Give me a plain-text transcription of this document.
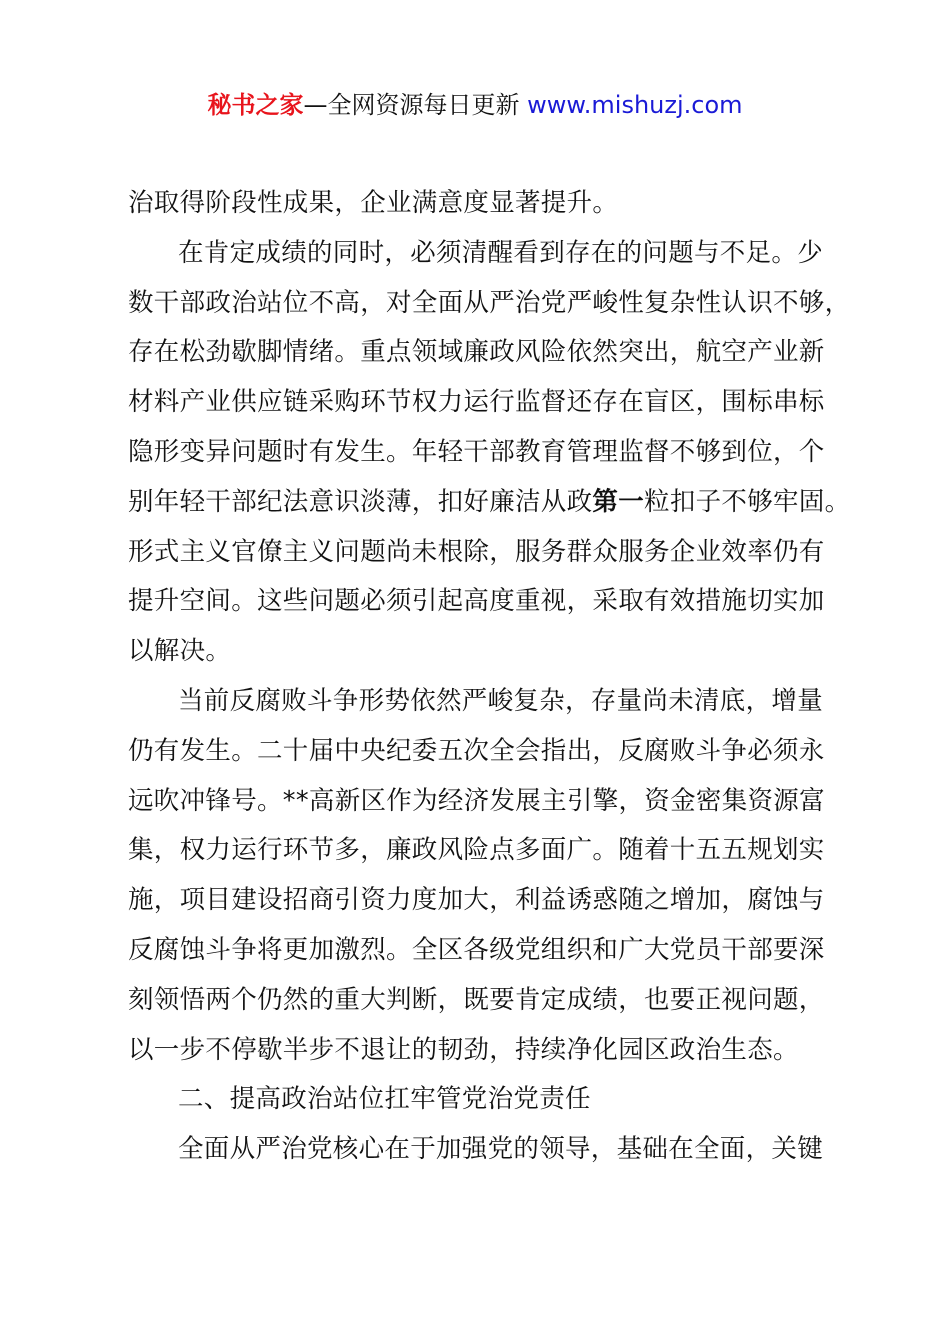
秘书之家—全网资源每日更新 www.mishuzj.com
治取得阶段性成果，企业满意度显著提升。
在肯定成绩的同时，必须清醒看到存在的问题与不足。少
数干部政治站位不高，对全面从严治党严峻性复杂性认识不够，
存在松劲歇脚情绪。重点领域廉政风险依然突出，航空产业新
材料产业供应链采购环节权力运行监督还存在盲区，围标串标
隐形变异问题时有发生。年轻干部教育管理监督不够到位，个
别年轻干部纪法意识淡薄，扣好廉洁从政第一粒扣子不够牢固。
形式主义官僚主义问题尚未根除，服务群众服务企业效率仍有
提升空间。这些问题必须引起高度重视，采取有效措施切实加
以解决。
当前反腐败斗争形势依然严峻复杂，存量尚未清底，增量
仍有发生。二十届中央纪委五次全会指出，反腐败斗争必须永
远吹冲锋号。**高新区作为经济发展主引擎，资金密集资源富
集，权力运行环节多，廉政风险点多面广。随着十五五规划实
施，项目建设招商引资力度加大，利益诱惑随之增加，腐蚀与
反腐蚀斗争将更加激烈。全区各级党组织和广大党员干部要深
刻领悟两个仍然的重大判断，既要肯定成绩，也要正视问题，
以一步不停歇半步不退让的韧劲，持续净化园区政治生态。
二、提高政治站位扛牢管党治党责任
全面从严治党核心在于加强党的领导，基础在全面，关键
